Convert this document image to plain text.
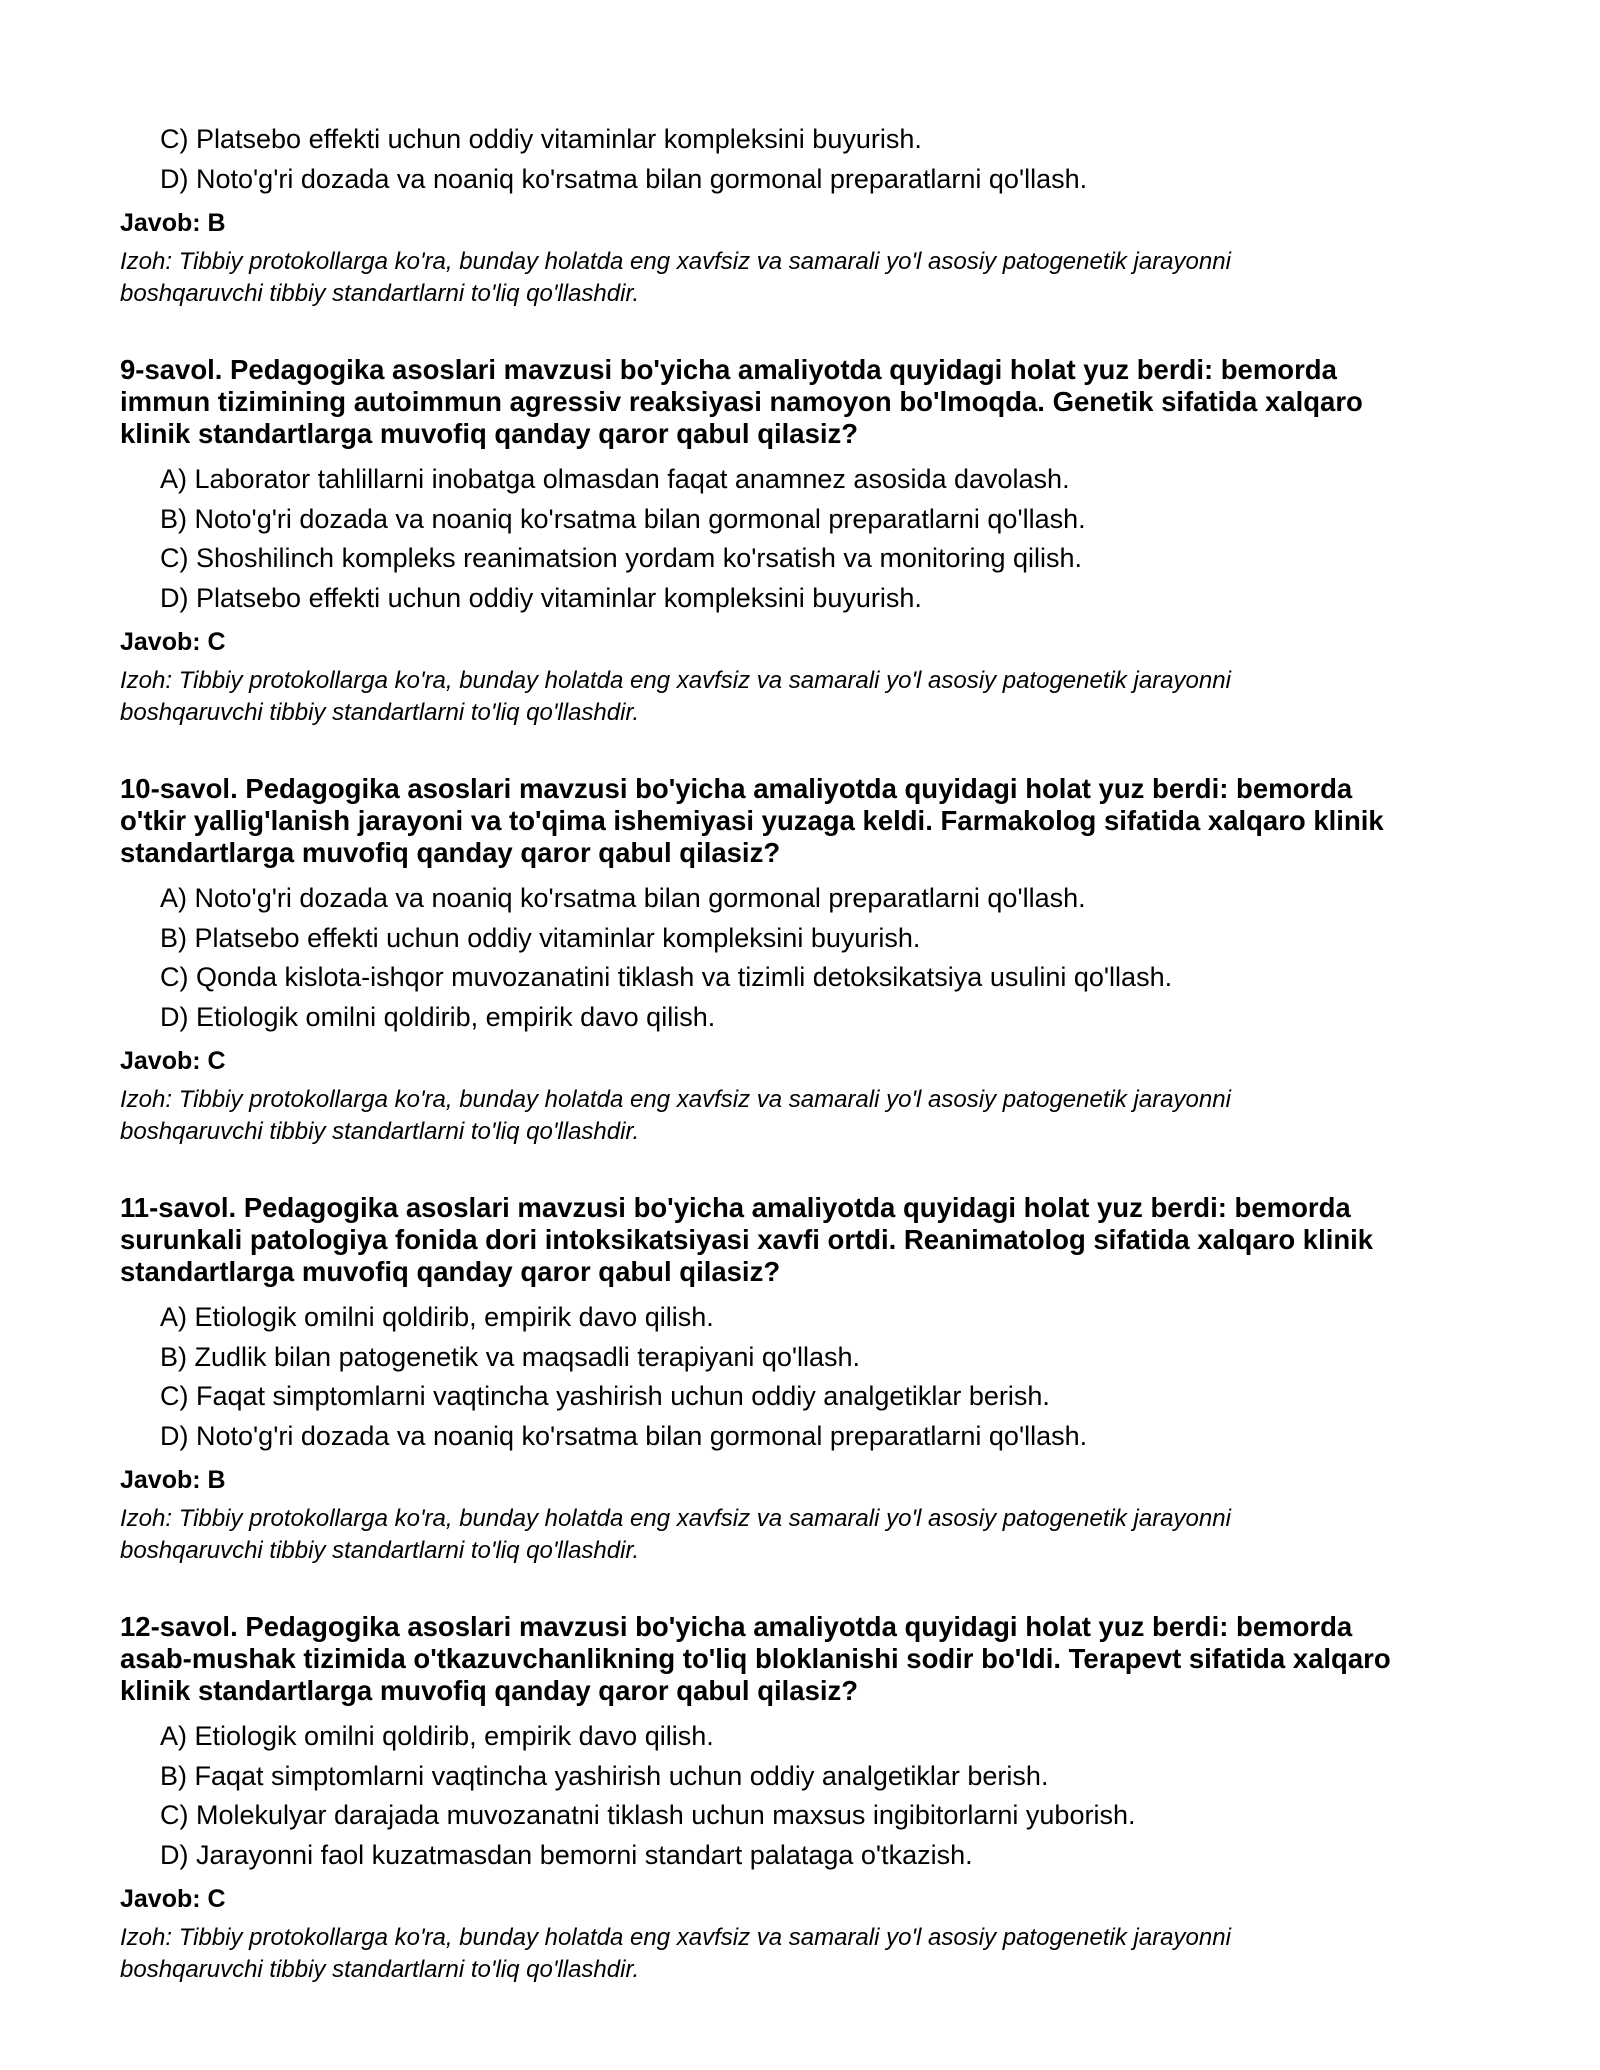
C) Platsebo effekti uchun oddiy vitaminlar kompleksini buyurish.
D) Noto'g'ri dozada va noaniq ko'rsatma bilan gormonal preparatlarni qo'llash.
Javob: B
Izoh: Tibbiy protokollarga ko'ra, bunday holatda eng xavfsiz va samarali yo'l asosiy patogenetik jarayonni
boshqaruvchi tibbiy standartlarni to'liq qo'llashdir.
9-savol. Pedagogika asoslari mavzusi bo'yicha amaliyotda quyidagi holat yuz berdi: bemorda
immun tizimining autoimmun agressiv reaksiyasi namoyon bo'lmoqda. Genetik sifatida xalqaro
klinik standartlarga muvofiq qanday qaror qabul qilasiz?
A) Laborator tahlillarni inobatga olmasdan faqat anamnez asosida davolash.
B) Noto'g'ri dozada va noaniq ko'rsatma bilan gormonal preparatlarni qo'llash.
C) Shoshilinch kompleks reanimatsion yordam ko'rsatish va monitoring qilish.
D) Platsebo effekti uchun oddiy vitaminlar kompleksini buyurish.
Javob: C
Izoh: Tibbiy protokollarga ko'ra, bunday holatda eng xavfsiz va samarali yo'l asosiy patogenetik jarayonni
boshqaruvchi tibbiy standartlarni to'liq qo'llashdir.
10-savol. Pedagogika asoslari mavzusi bo'yicha amaliyotda quyidagi holat yuz berdi: bemorda
o'tkir yallig'lanish jarayoni va to'qima ishemiyasi yuzaga keldi. Farmakolog sifatida xalqaro klinik
standartlarga muvofiq qanday qaror qabul qilasiz?
A) Noto'g'ri dozada va noaniq ko'rsatma bilan gormonal preparatlarni qo'llash.
B) Platsebo effekti uchun oddiy vitaminlar kompleksini buyurish.
C) Qonda kislota-ishqor muvozanatini tiklash va tizimli detoksikatsiya usulini qo'llash.
D) Etiologik omilni qoldirib, empirik davo qilish.
Javob: C
Izoh: Tibbiy protokollarga ko'ra, bunday holatda eng xavfsiz va samarali yo'l asosiy patogenetik jarayonni
boshqaruvchi tibbiy standartlarni to'liq qo'llashdir.
11-savol. Pedagogika asoslari mavzusi bo'yicha amaliyotda quyidagi holat yuz berdi: bemorda
surunkali patologiya fonida dori intoksikatsiyasi xavfi ortdi. Reanimatolog sifatida xalqaro klinik
standartlarga muvofiq qanday qaror qabul qilasiz?
A) Etiologik omilni qoldirib, empirik davo qilish.
B) Zudlik bilan patogenetik va maqsadli terapiyani qo'llash.
C) Faqat simptomlarni vaqtincha yashirish uchun oddiy analgetiklar berish.
D) Noto'g'ri dozada va noaniq ko'rsatma bilan gormonal preparatlarni qo'llash.
Javob: B
Izoh: Tibbiy protokollarga ko'ra, bunday holatda eng xavfsiz va samarali yo'l asosiy patogenetik jarayonni
boshqaruvchi tibbiy standartlarni to'liq qo'llashdir.
12-savol. Pedagogika asoslari mavzusi bo'yicha amaliyotda quyidagi holat yuz berdi: bemorda
asab-mushak tizimida o'tkazuvchanlikning to'liq bloklanishi sodir bo'ldi. Terapevt sifatida xalqaro
klinik standartlarga muvofiq qanday qaror qabul qilasiz?
A) Etiologik omilni qoldirib, empirik davo qilish.
B) Faqat simptomlarni vaqtincha yashirish uchun oddiy analgetiklar berish.
C) Molekulyar darajada muvozanatni tiklash uchun maxsus ingibitorlarni yuborish.
D) Jarayonni faol kuzatmasdan bemorni standart palataga o'tkazish.
Javob: C
Izoh: Tibbiy protokollarga ko'ra, bunday holatda eng xavfsiz va samarali yo'l asosiy patogenetik jarayonni
boshqaruvchi tibbiy standartlarni to'liq qo'llashdir.
